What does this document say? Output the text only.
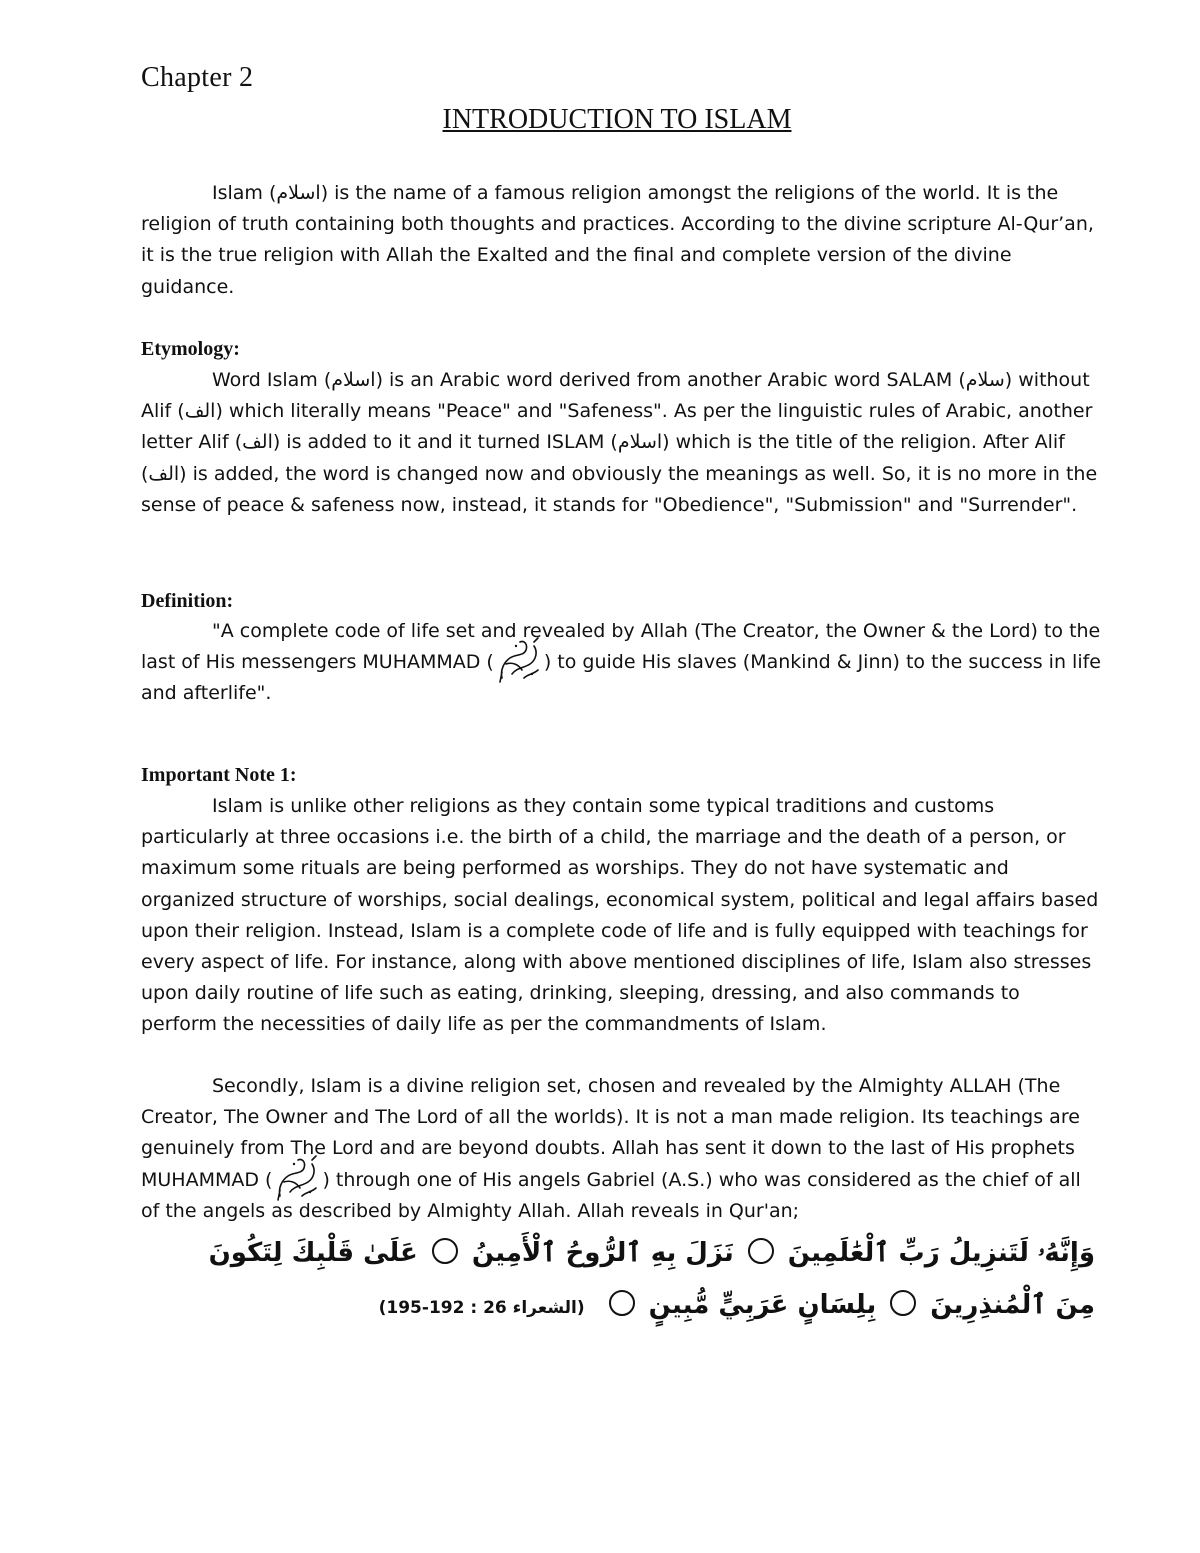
Chapter 2
INTRODUCTION TO ISLAM

Islam (اسلام) is the name of a famous religion amongst the religions of the world. It is the religion of truth containing both thoughts and practices. According to the divine scripture Al-Qur’an, it is the true religion with Allah the Exalted and the final and complete version of the divine guidance.

Etymology:

Word Islam (اسلام) is an Arabic word derived from another Arabic word SALAM (سلام) without Alif (الف) which literally means "Peace" and "Safeness". As per the linguistic rules of Arabic, another letter Alif (الف) is added to it and it turned ISLAM (اسلام) which is the title of the religion. After Alif (الف) is added, the word is changed now and obviously the meanings as well. So, it is no more in the sense of peace & safeness now, instead, it stands for "Obedience", "Submission" and "Surrender".

Definition:

"A complete code of life set and revealed by Allah (The Creator, the Owner & the Lord) to the last of His messengers MUHAMMAD (	) to guide His slaves (Mankind & Jinn) to the success in life and afterlife".

Important Note 1:

Islam is unlike other religions as they contain some typical traditions and customs particularly at three occasions i.e. the birth of a child, the marriage and the death of a person, or maximum some rituals are being performed as worships. They do not have systematic and organized structure of worships, social dealings, economical system, political and legal affairs based upon their religion. Instead, Islam is a complete code of life and is fully equipped with teachings for every aspect of life. For instance, along with above mentioned disciplines of life, Islam also stresses upon daily routine of life such as eating, drinking, sleeping, dressing, and also commands to perform the necessities of daily life as per the commandments of Islam.

Secondly, Islam is a divine religion set, chosen and revealed by the Almighty ALLAH (The Creator, The Owner and The Lord of all the worlds). It is not a man made religion. Its teachings are genuinely from The Lord and are beyond doubts. Allah has sent it down to the last of His prophets MUHAMMAD (	) through one of His angels Gabriel (A.S.) who was considered as the chief of all of the angels as described by Almighty Allah. Allah reveals in Qur'an;

وَإِنَّهُۥ لَتَنزِيلُ رَبِّ ٱلْعَٰلَمِينَنَزَلَ بِهِ ٱلرُّوحُ ٱلْأَمِينُعَلَىٰ قَلْبِكَ لِتَكُونَ

مِنَ ٱلْمُنذِرِينَبِلِسَانٍ عَرَبِيٍّ مُّبِينٍ(الشعراء 26 : 192-195)
